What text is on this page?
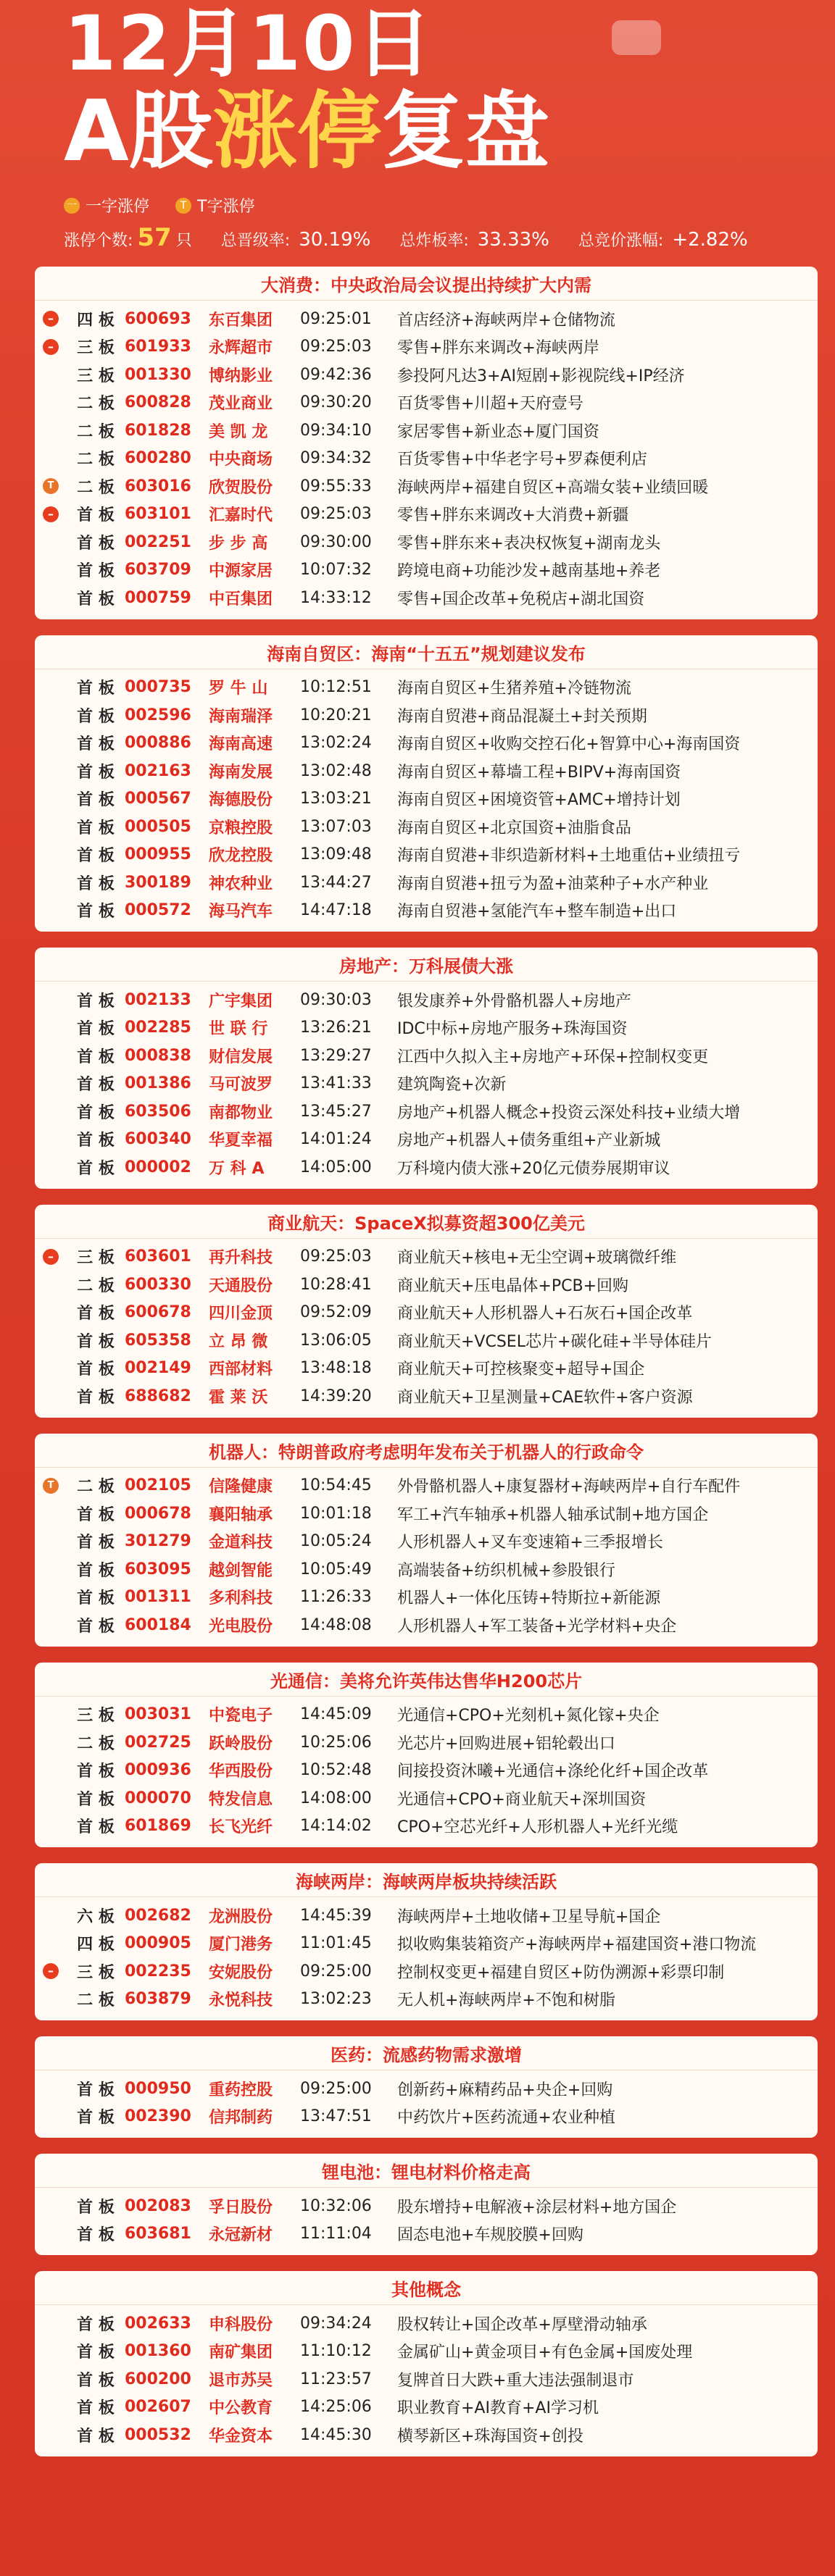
12月10日
A股涨停复盘
一 一字涨停	T T字涨停
涨停个数: 57 只 总晋级率: 30.19% 总炸板率: 33.33% 总竞价涨幅: +2.82%
大消费：中央政治局会议提出持续扩大内需
–	四 板 600693	东百集团	09:25:01	首店经济+海峡两岸+仓储物流
–	三 板 601933	永辉超市	09:25:03	零售+胖东来调改+海峡两岸
三 板 001330	博纳影业	09:42:36	参投阿凡达3+AI短剧+影视院线+IP经济
二 板 600828	茂业商业	09:30:20	百货零售+川超+天府壹号
二 板 601828	美 凯 龙	09:34:10	家居零售+新业态+厦门国资
二 板 600280	中央商场	09:34:32	百货零售+中华老字号+罗森便利店
T	二 板 603016	欣贺股份	09:55:33	海峡两岸+福建自贸区+高端女装+业绩回暖
–	首 板 603101	汇嘉时代	09:25:03	零售+胖东来调改+大消费+新疆
首 板 002251	步 步 高	09:30:00	零售+胖东来+表决权恢复+湖南龙头
首 板 603709	中源家居	10:07:32	跨境电商+功能沙发+越南基地+养老
首 板 000759	中百集团	14:33:12	零售+国企改革+免税店+湖北国资
海南自贸区：海南“十五五”规划建议发布
首 板 000735	罗 牛 山	10:12:51	海南自贸区+生猪养殖+冷链物流
首 板 002596	海南瑞泽	10:20:21	海南自贸港+商品混凝土+封关预期
首 板 000886	海南高速	13:02:24	海南自贸区+收购交控石化+智算中心+海南国资
首 板 002163	海南发展	13:02:48	海南自贸区+幕墙工程+BIPV+海南国资
首 板 000567	海德股份	13:03:21	海南自贸区+困境资管+AMC+增持计划
首 板 000505	京粮控股	13:07:03	海南自贸区+北京国资+油脂食品
首 板 000955	欣龙控股	13:09:48	海南自贸港+非织造新材料+土地重估+业绩扭亏
首 板 300189	神农种业	13:44:27	海南自贸港+扭亏为盈+油菜种子+水产种业
首 板 000572	海马汽车	14:47:18	海南自贸港+氢能汽车+整车制造+出口
房地产：万科展债大涨
首 板 002133	广宇集团	09:30:03	银发康养+外骨骼机器人+房地产
首 板 002285	世 联 行	13:26:21	IDC中标+房地产服务+珠海国资
首 板 000838	财信发展	13:29:27	江西中久拟入主+房地产+环保+控制权变更
首 板 001386	马可波罗	13:41:33	建筑陶瓷+次新
首 板 603506	南都物业	13:45:27	房地产+机器人概念+投资云深处科技+业绩大增
首 板 600340	华夏幸福	14:01:24	房地产+机器人+债务重组+产业新城
首 板 000002	万 科 A	14:05:00	万科境内债大涨+20亿元债券展期审议
商业航天：SpaceX拟募资超300亿美元
–	三 板 603601	再升科技	09:25:03	商业航天+核电+无尘空调+玻璃微纤维
二 板 600330	天通股份	10:28:41	商业航天+压电晶体+PCB+回购
首 板 600678	四川金顶	09:52:09	商业航天+人形机器人+石灰石+国企改革
首 板 605358	立 昂 微	13:06:05	商业航天+VCSEL芯片+碳化硅+半导体硅片
首 板 002149	西部材料	13:48:18	商业航天+可控核聚变+超导+国企
首 板 688682	霍 莱 沃	14:39:20	商业航天+卫星测量+CAE软件+客户资源
机器人：特朗普政府考虑明年发布关于机器人的行政命令
T	二 板 002105	信隆健康	10:54:45	外骨骼机器人+康复器材+海峡两岸+自行车配件
首 板 000678	襄阳轴承	10:01:18	军工+汽车轴承+机器人轴承试制+地方国企
首 板 301279	金道科技	10:05:24	人形机器人+叉车变速箱+三季报增长
首 板 603095	越剑智能	10:05:49	高端装备+纺织机械+参股银行
首 板 001311	多利科技	11:26:33	机器人+一体化压铸+特斯拉+新能源
首 板 600184	光电股份	14:48:08	人形机器人+军工装备+光学材料+央企
光通信：美将允许英伟达售华H200芯片
三 板 003031	中瓷电子	14:45:09	光通信+CPO+光刻机+氮化镓+央企
二 板 002725	跃岭股份	10:25:06	光芯片+回购进展+铝轮毂出口
首 板 000936	华西股份	10:52:48	间接投资沐曦+光通信+涤纶化纤+国企改革
首 板 000070	特发信息	14:08:00	光通信+CPO+商业航天+深圳国资
首 板 601869	长飞光纤	14:14:02	CPO+空芯光纤+人形机器人+光纤光缆
海峡两岸：海峡两岸板块持续活跃
六 板 002682	龙洲股份	14:45:39	海峡两岸+土地收储+卫星导航+国企
四 板 000905	厦门港务	11:01:45	拟收购集装箱资产+海峡两岸+福建国资+港口物流
–	三 板 002235	安妮股份	09:25:00	控制权变更+福建自贸区+防伪溯源+彩票印制
二 板 603879	永悦科技	13:02:23	无人机+海峡两岸+不饱和树脂
医药：流感药物需求激增
首 板 000950	重药控股	09:25:00	创新药+麻精药品+央企+回购
首 板 002390	信邦制药	13:47:51	中药饮片+医药流通+农业种植
锂电池：锂电材料价格走高
首 板 002083	孚日股份	10:32:06	股东增持+电解液+涂层材料+地方国企
首 板 603681	永冠新材	11:11:04	固态电池+车规胶膜+回购
其他概念
首 板 002633	申科股份	09:34:24	股权转让+国企改革+厚壁滑动轴承
首 板 001360	南矿集团	11:10:12	金属矿山+黄金项目+有色金属+国废处理
首 板 600200	退市苏吴	11:23:57	复牌首日大跌+重大违法强制退市
首 板 002607	中公教育	14:25:06	职业教育+AI教育+AI学习机
首 板 000532	华金资本	14:45:30	横琴新区+珠海国资+创投
